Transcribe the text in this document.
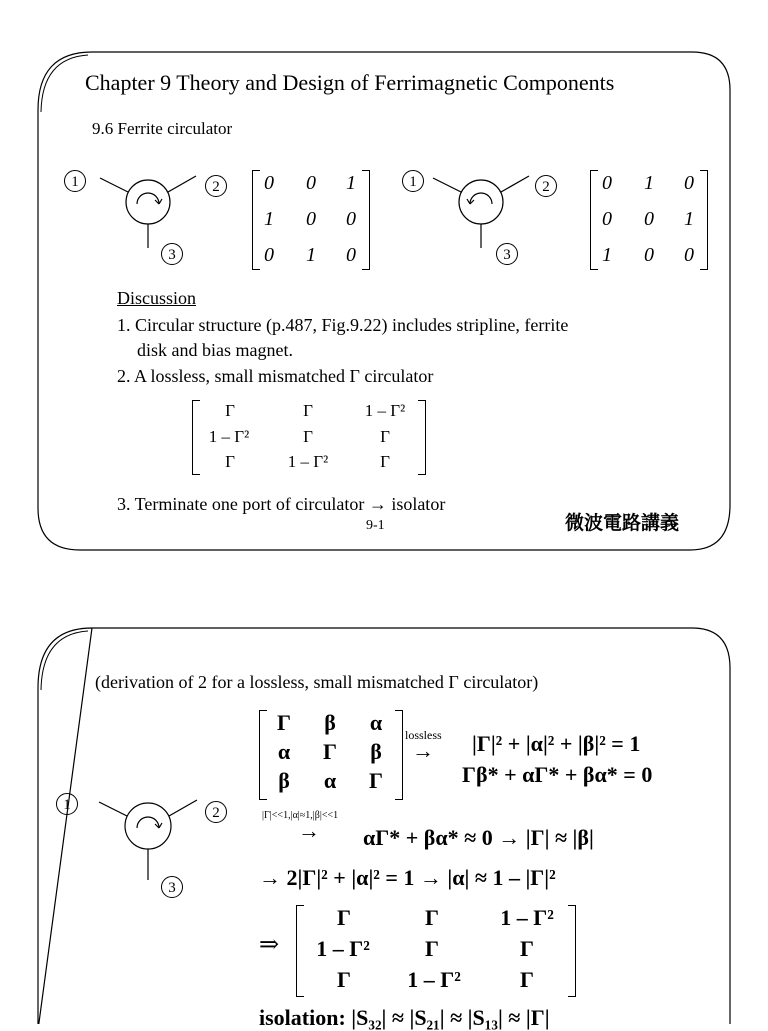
Chapter 9 Theory and Design of Ferrimagnetic Components
9.6 Ferrite circulator
1	2
3
0 0 1
1 0 0
0 1 0
1	2
3
0 1 0
0 0 1
1 0 0
Discussion
1. Circular structure (p.487, Fig.9.22) includes stripline, ferrite
disk and bias magnet.
2. A lossless, small mismatched Γ circulator
Γ	Γ	1 – Γ²
1 – Γ²	Γ	Γ
Γ	1 – Γ²	Γ
3. Terminate one port of circulator → isolator
9-1	微波電路講義
(derivation of 2 for a lossless, small mismatched Γ circulator)
1	2
3
Γ	β	α
α	Γ	β
β	α	Γ
lossless
→ |Γ|² + |α|² + |β|² = 1
Γβ* + αΓ* + βα* = 0
|Γ|<<1,|α|≈1,|β|<<1
→ αΓ* + βα* ≈ 0 → |Γ| ≈ |β|
→ 2|Γ|² + |α|² = 1 → |α| ≈ 1 – |Γ|²
⇒
Γ	Γ	1 – Γ²
1 – Γ²	Γ	Γ
Γ	1 – Γ²	Γ
isolation: |S₃₂| ≈ |S₂₁| ≈ |S₁₃| ≈ |Γ|
